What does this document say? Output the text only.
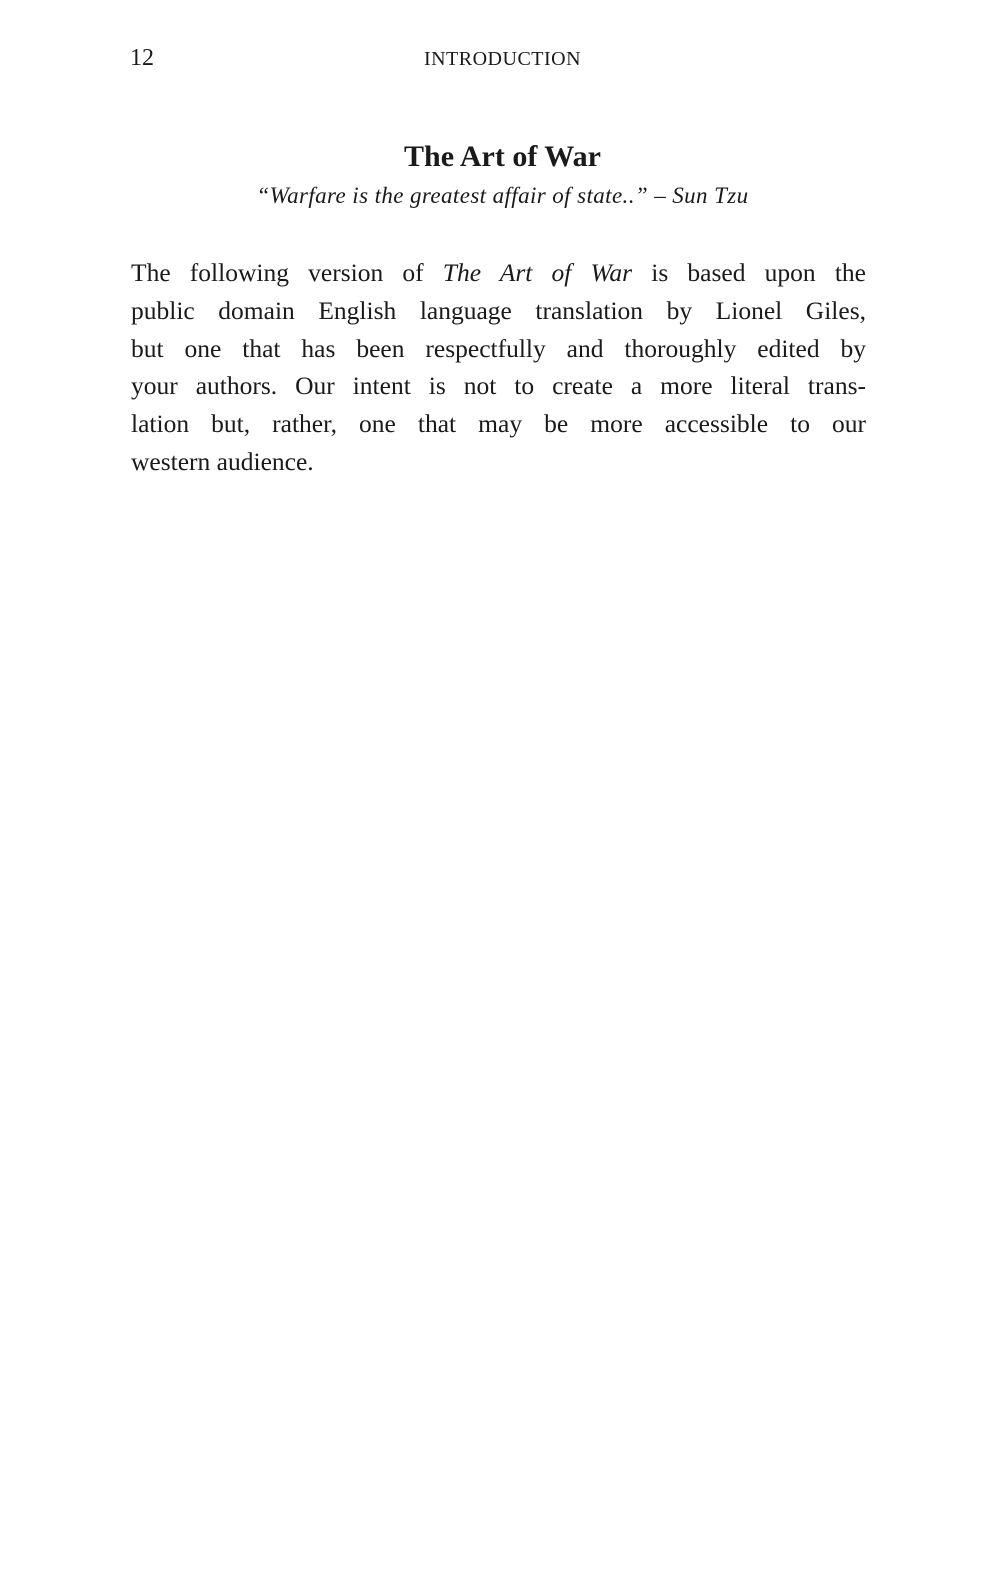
12	INTRODUCTION
The Art of War
“Warfare is the greatest affair of state..” – Sun Tzu
The following version of The Art of War is based upon the
public domain English language translation by Lionel Giles,
but one that has been respectfully and thoroughly edited by
your authors. Our intent is not to create a more literal trans-
lation but, rather, one that may be more accessible to our
western audience.
